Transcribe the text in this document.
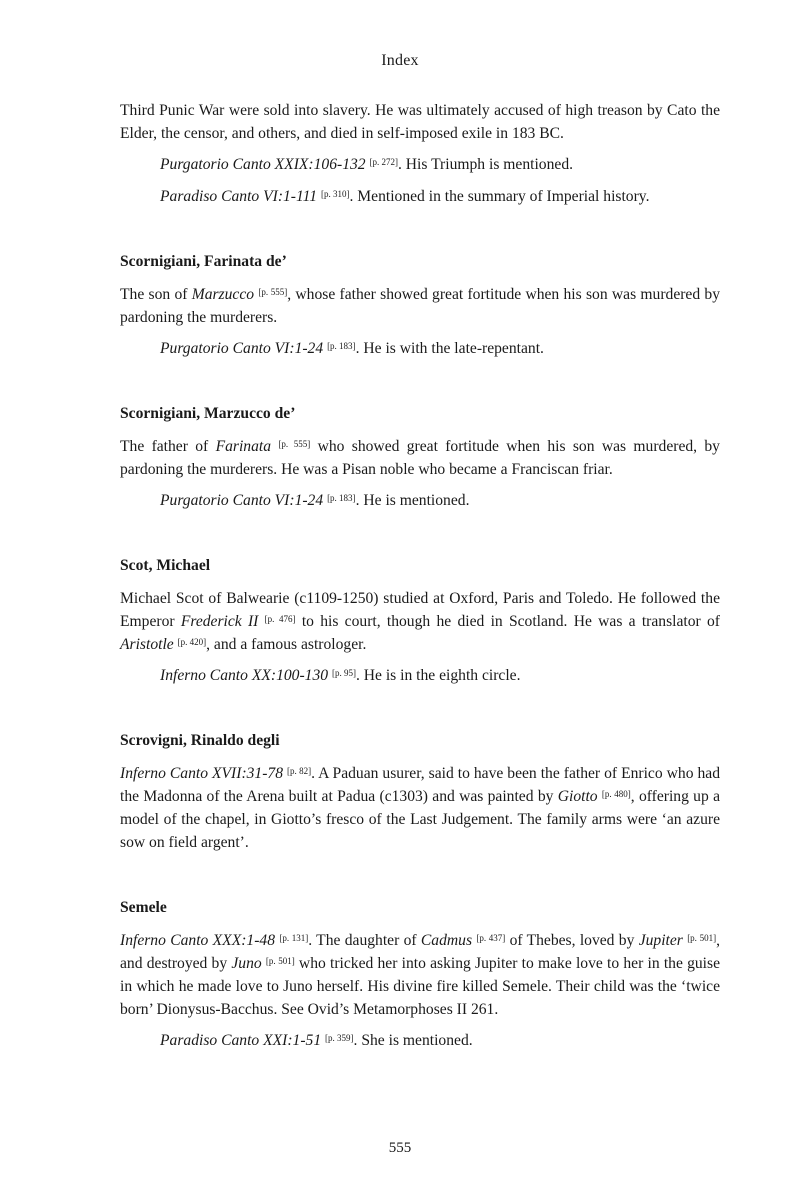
Index

Third Punic War were sold into slavery. He was ultimately accused of high treason by Cato the Elder, the censor, and others, and died in self-imposed exile in 183 BC.

Purgatorio Canto XXIX:106-132 [p. 272]. His Triumph is mentioned.

Paradiso Canto VI:1-111 [p. 310]. Mentioned in the summary of Imperial history.

Scornigiani, Farinata de’

The son of Marzucco [p. 555], whose father showed great fortitude when his son was murdered by pardoning the murderers.

Purgatorio Canto VI:1-24 [p. 183]. He is with the late-repentant.

Scornigiani, Marzucco de’

The father of Farinata [p. 555] who showed great fortitude when his son was murdered, by pardoning the murderers. He was a Pisan noble who became a Franciscan friar.

Purgatorio Canto VI:1-24 [p. 183]. He is mentioned.

Scot, Michael

Michael Scot of Balwearie (c1109-1250) studied at Oxford, Paris and Toledo. He followed the Emperor Frederick II [p. 476] to his court, though he died in Scotland. He was a translator of Aristotle [p. 420], and a famous astrologer.

Inferno Canto XX:100-130 [p. 95]. He is in the eighth circle.

Scrovigni, Rinaldo degli

Inferno Canto XVII:31-78 [p. 82]. A Paduan usurer, said to have been the father of Enrico who had the Madonna of the Arena built at Padua (c1303) and was painted by Giotto [p. 480], offering up a model of the chapel, in Giotto’s fresco of the Last Judgement. The family arms were ‘an azure sow on field argent’.

Semele

Inferno Canto XXX:1-48 [p. 131]. The daughter of Cadmus [p. 437] of Thebes, loved by Jupiter [p. 501], and destroyed by Juno [p. 501] who tricked her into asking Jupiter to make love to her in the guise in which he made love to Juno herself. His divine fire killed Semele. Their child was the ‘twice born’ Dionysus-Bacchus. See Ovid’s Metamorphoses II 261.

Paradiso Canto XXI:1-51 [p. 359]. She is mentioned.

555
